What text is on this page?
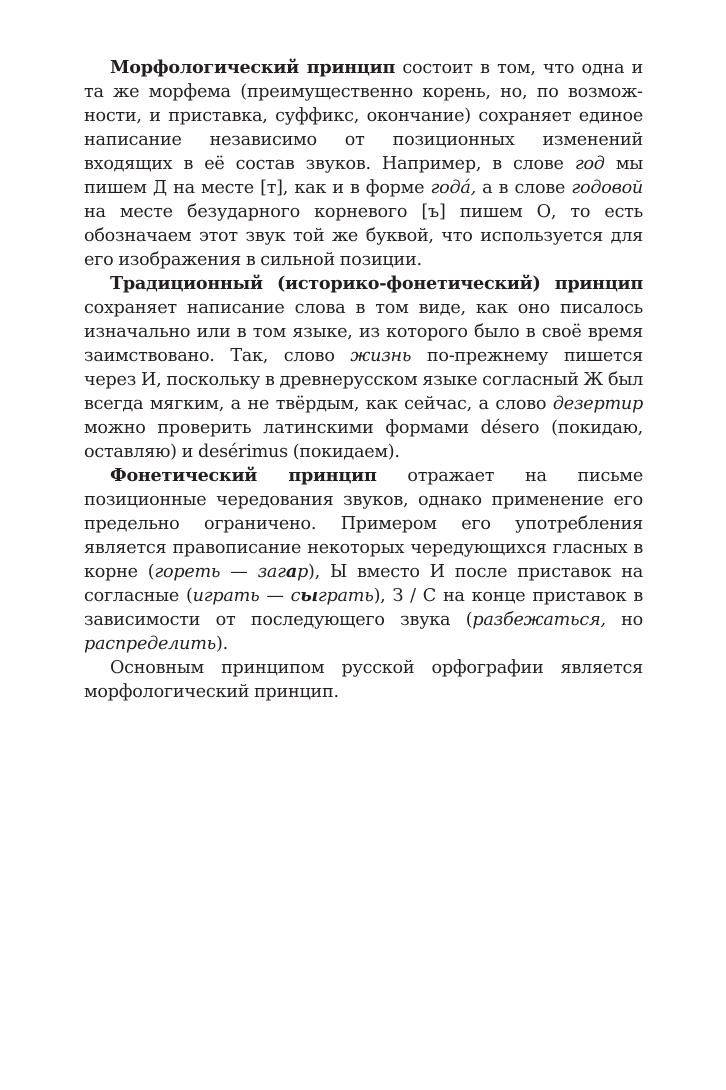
Морфологический принцип состоит в том, что одна и та же морфема (преимущественно корень, но, по возможности, и приставка, суффикс, окончание) сохраняет единое написание независимо от позиционных изменений входящих в её состав звуков. Например, в слове год мы пишем Д на месте [т], как и в форме года́, а в слове годовой на месте безударного корневого [ъ] пишем О, то есть обозначаем этот звук той же буквой, что используется для его изображения в сильной позиции.

Традиционный (историко-фонетический) принцип сохраняет написание слова в том виде, как оно писалось изначально или в том языке, из которого было в своё время заимствовано. Так, слово жизнь по-прежнему пишется через И, поскольку в древнерусском языке согласный Ж был всегда мягким, а не твёрдым, как сейчас, а слово дезертир можно проверить латинскими формами désero (покидаю, оставляю) и desérimus (покидаем).

Фонетический принцип отражает на письме позиционные чередования звуков, однако применение его предельно ограничено. Примером его употребления является правописание некоторых чередующихся гласных в корне (гореть — загар), Ы вместо И после приставок на согласные (играть — сыграть), З / С на конце приставок в зависимости от последующего звука (разбежаться, но распределить).

Основным принципом русской орфографии является морфологический принцип.
